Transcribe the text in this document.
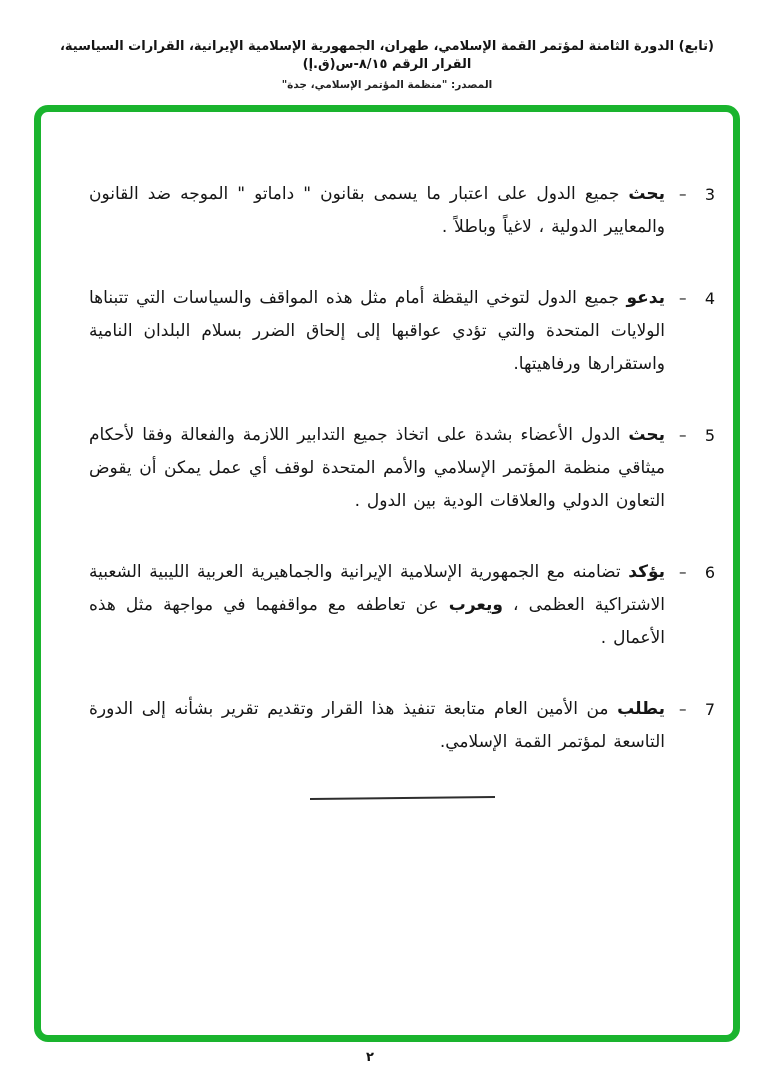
(تابع) الدورة الثامنة لمؤتمر القمة الإسلامي، طهران، الجمهورية الإسلامية الإيرانية، القرارات السياسية، القرار الرقم ٨/١٥-س(ق.إ)
المصدر: "منظمة المؤتمر الإسلامي، جدة"
– 3
يحث جميع الدول على اعتبار ما يسمى بقانون " داماتو " الموجه ضد القانون والمعايير الدولية ، لاغياً وباطلاً .
– 4
يدعو جميع الدول لتوخي اليقظة أمام مثل هذه المواقف والسياسات التي تتبناها الولايات المتحدة والتي تؤدي عواقبها إلى إلحاق الضرر بسلام البلدان النامية واستقرارها ورفاهيتها.
– 5
يحث الدول الأعضاء بشدة على اتخاذ جميع التدابير اللازمة والفعالة وفقا لأحكام ميثاقي منظمة المؤتمر الإسلامي والأمم المتحدة لوقف أي عمل يمكن أن يقوض التعاون الدولي والعلاقات الودية بين الدول .
– 6
يؤكد تضامنه مع الجمهورية الإسلامية الإيرانية والجماهيرية العربية الليبية الشعبية الاشتراكية العظمى ، ويعرب عن تعاطفه مع مواقفهما في مواجهة مثل هذه الأعمال .
– 7
يطلب من الأمين العام متابعة تنفيذ هذا القرار وتقديم تقرير بشأنه إلى الدورة التاسعة لمؤتمر القمة الإسلامي.
٢
